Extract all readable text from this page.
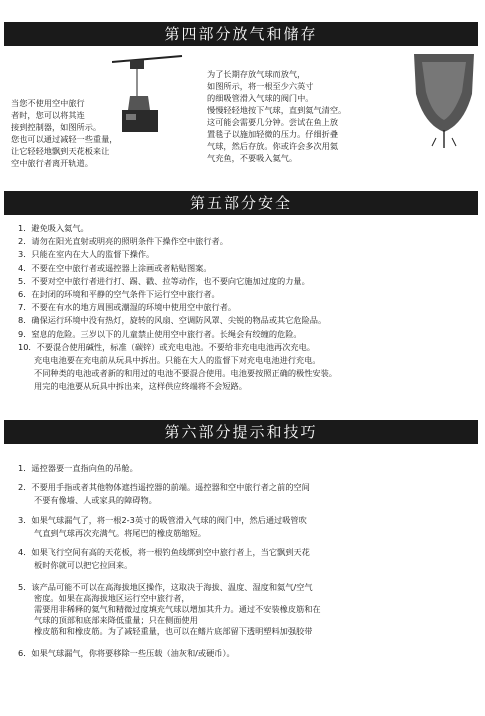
第四部分放气和储存
当您不使用空中旅行
者时，您可以将其连
接到控制器，如图所示。
您也可以通过减轻一些重量，
让它轻轻地飘到天花板来让
空中旅行者离开轨道。
为了长期存放气球而放气，
如图所示，将一根至少六英寸
的细吸管滑入气球的阀门中。
慢慢轻轻地按下气球，直到氦气清空。
这可能会需要几分钟。尝试在鱼上放
置毯子以施加轻微的压力。仔细折叠
气球，然后存放。你或许会多次用氦
气充鱼，不要吸入氦气。
第五部分安全
1．避免吸入氦气。
2．请勿在阳光直射或明亮的照明条件下操作空中旅行者。
3．只能在室内在大人的监督下操作。
4．不要在空中旅行者或遥控器上涂画或者粘贴图案。
5．不要对空中旅行者进行打、踢、戳、拉等动作，也不要向它施加过度的力量。
6．在封闭的环境和平静的空气条件下运行空中旅行者。
7．不要在有水的地方周围或潮湿的环境中使用空中旅行者。
8．确保运行环境中没有热灯，旋转的风扇、空调防风罩、尖锐的物品或其它危险品。
9．窒息的危险。三岁以下的儿童禁止使用空中旅行者。长绳会有绞缠的危险。
10．不要混合使用碱性，标准（碳锌）或充电电池。不要给非充电电池再次充电。
充电电池要在充电前从玩具中拆出。只能在大人的监督下对充电电池进行充电。
不同种类的电池或者新的和用过的电池不要混合使用。电池要按照正确的极性安装。
用完的电池要从玩具中拆出来，这样供应终端将不会短路。
第六部分提示和技巧
1．遥控器要一直指向鱼的吊舱。
2．不要用手指或者其他物体遮挡遥控器的前端。遥控器和空中旅行者之前的空间
不要有像墙、人或家具的障碍物。
3．如果气球漏气了，将一根2-3英寸的吸管滑入气球的阀门中，然后通过吸管吹
气直到气球再次充满气。将尾巴的橡皮筋缩短。
4．如果飞行空间有高的天花板，将一根钓鱼线绑到空中旅行者上，当它飘到天花
板时你就可以把它拉回来。
5．该产品可能不可以在高海拔地区操作，这取决于海拔、温度、湿度和氦气/空气
密度。如果在高海拔地区运行空中旅行者，
需要用非稀释的氦气和精微过度填充气球以增加其升力。通过不安装橡皮筋和在
气球的顶部和底部来降低重量；只在侧面使用
橡皮筋和和橡皮筋。为了减轻重量，也可以在鳍片底部留下透明塑料加强胶带
6．如果气球漏气，你将要移除一些压载（油灰和/或硬币）。
